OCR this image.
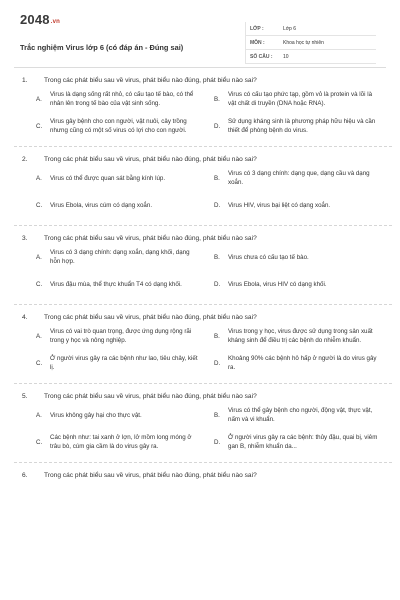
2048.vn
Trắc nghiệm Virus lớp 6 (có đáp án - Đúng sai)
LỚP :	Lớp 6
MÔN :	Khoa học tự nhiên
SỐ CÂU :	10
1.	Trong các phát biểu sau về virus, phát biểu nào đúng, phát biểu nào sai?
A.
Virus là dạng sống rất nhỏ, có cấu tạo tế bào, có thể nhân lên trong tế bào của vật sinh sống.
B.
Virus có cấu tạo phức tạp, gồm vỏ là protein và lõi là vật chất di truyền (DNA hoặc RNA).
C.
Virus gây bệnh cho con người, vật nuôi, cây trồng nhưng cũng có một số virus có lợi cho con người.
D.
Sử dụng kháng sinh là phương pháp hữu hiệu và cần thiết để phòng bệnh do virus.
2.	Trong các phát biểu sau về virus, phát biểu nào đúng, phát biểu nào sai?
A.	Virus có thể được quan sát bằng kính lúp.	B.
Virus có 3 dạng chính: dạng que, dạng cầu và dạng xoắn.
C.	Virus Ebola, virus cúm có dạng xoắn.	D.	Virus HIV, virus bại liệt có dạng xoắn.
3.	Trong các phát biểu sau về virus, phát biểu nào đúng, phát biểu nào sai?
A.
Virus có 3 dạng chính: dạng xoắn, dạng khối, dạng hỗn hợp.
B.	Virus chưa có cấu tạo tế bào.
C.	Virus đậu mùa, thể thực khuẩn T4 có dạng khối.	D.	Virus Ebola, virus HIV có dạng khối.
4.	Trong các phát biểu sau về virus, phát biểu nào đúng, phát biểu nào sai?
A.
Virus có vai trò quan trọng, được ứng dụng rộng rãi trong y học và nông nghiệp.
B.
Virus trong y học, virus được sử dụng trong sản xuất kháng sinh để điều trị các bệnh do nhiễm khuẩn.
C.
Ở người virus gây ra các bệnh như lao, tiêu chảy, kiết lị.
D.
Khoảng 90% các bệnh hô hấp ở người là do virus gây ra.
5.	Trong các phát biểu sau về virus, phát biểu nào đúng, phát biểu nào sai?
A.	Virus không gây hại cho thực vật.	B.
Virus có thể gây bệnh cho người, động vật, thực vật, nấm và vi khuẩn.
C.
Các bệnh như: tai xanh ở lợn, lở mồm long móng ở trâu bò, cúm gia cầm là do virus gây ra.
D.
Ở người virus gây ra các bệnh: thủy đậu, quai bị, viêm gan B, nhiễm khuẩn da...
6.	Trong các phát biểu sau về virus, phát biểu nào đúng, phát biểu nào sai?
